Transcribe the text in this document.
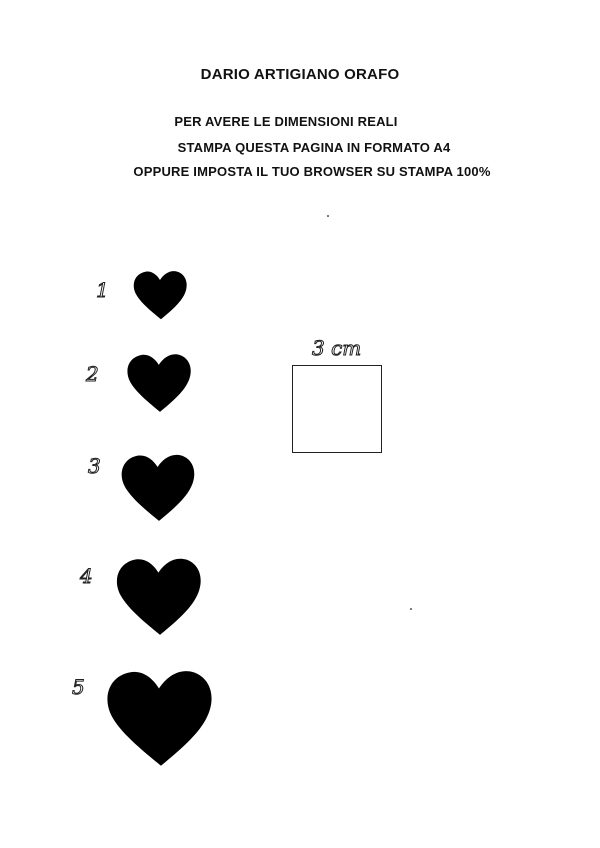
DARIO ARTIGIANO ORAFO
PER AVERE LE DIMENSIONI REALI
STAMPA QUESTA PAGINA IN FORMATO A4
OPPURE IMPOSTA IL TUO BROWSER SU STAMPA 100%
1
2
3
4
5
3 cm
